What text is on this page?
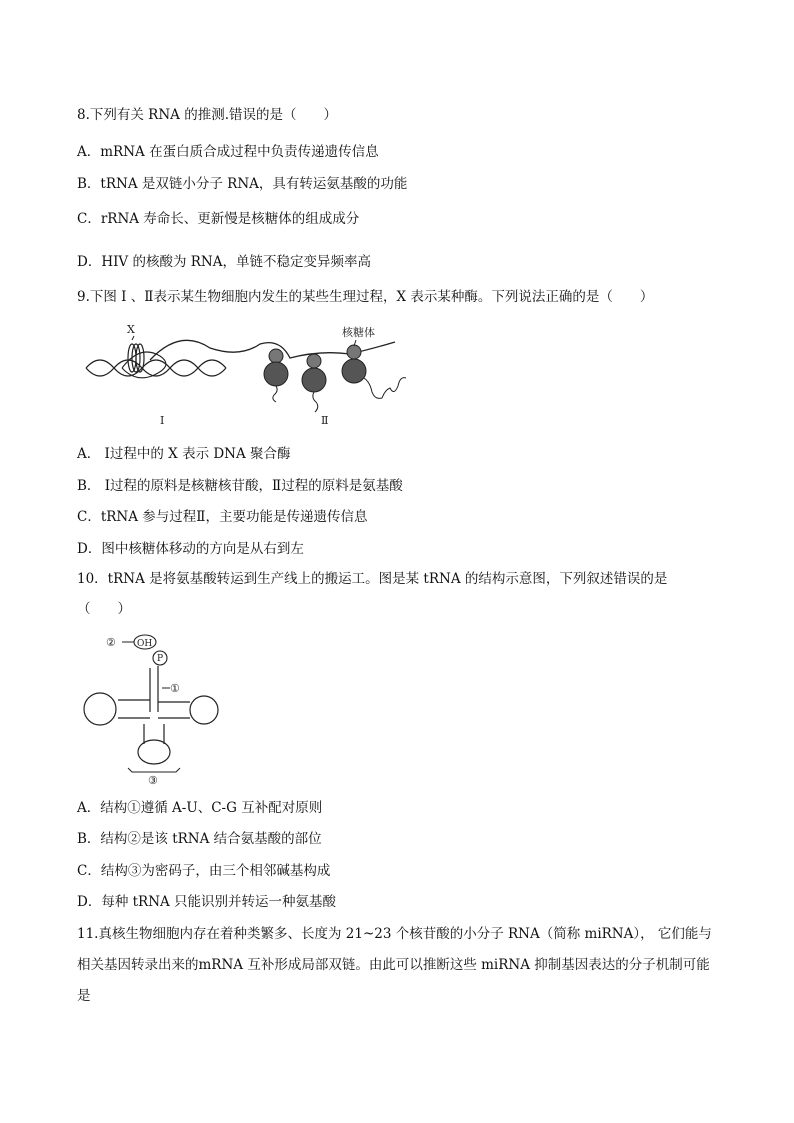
8.下列有关 RNA 的推测.错误的是（　　）
A．mRNA 在蛋白质合成过程中负责传递遗传信息
B．tRNA 是双链小分子 RNA，具有转运氨基酸的功能
C．rRNA 寿命长、更新慢是核糖体的组成成分
D．HIV 的核酸为 RNA，单链不稳定变异频率高
9.下图 Ⅰ 、Ⅱ表示某生物细胞内发生的某些生理过程，X 表示某种酶。下列说法正确的是（　　）
X	核糖体
Ⅰ	Ⅱ
A． Ⅰ过程中的 X 表示 DNA 聚合酶
B． Ⅰ过程的原料是核糖核苷酸，Ⅱ过程的原料是氨基酸
C．tRNA 参与过程Ⅱ，主要功能是传递遗传信息
D．图中核糖体移动的方向是从右到左
10．tRNA 是将氨基酸转运到生产线上的搬运工。图是某 tRNA 的结构示意图，下列叙述错误的是
（　　）
OH
P
②
①
③
A．结构①遵循 A-U、C-G 互补配对原则
B．结构②是该 tRNA 结合氨基酸的部位
C．结构③为密码子，由三个相邻碱基构成
D．每种 tRNA 只能识别并转运一种氨基酸
11.真核生物细胞内存在着种类繁多、长度为 21~23 个核苷酸的小分子 RNA（简称 miRNA）， 它们能与
相关基因转录出来的mRNA 互补形成局部双链。由此可以推断这些 miRNA 抑制基因表达的分子机制可能
是
